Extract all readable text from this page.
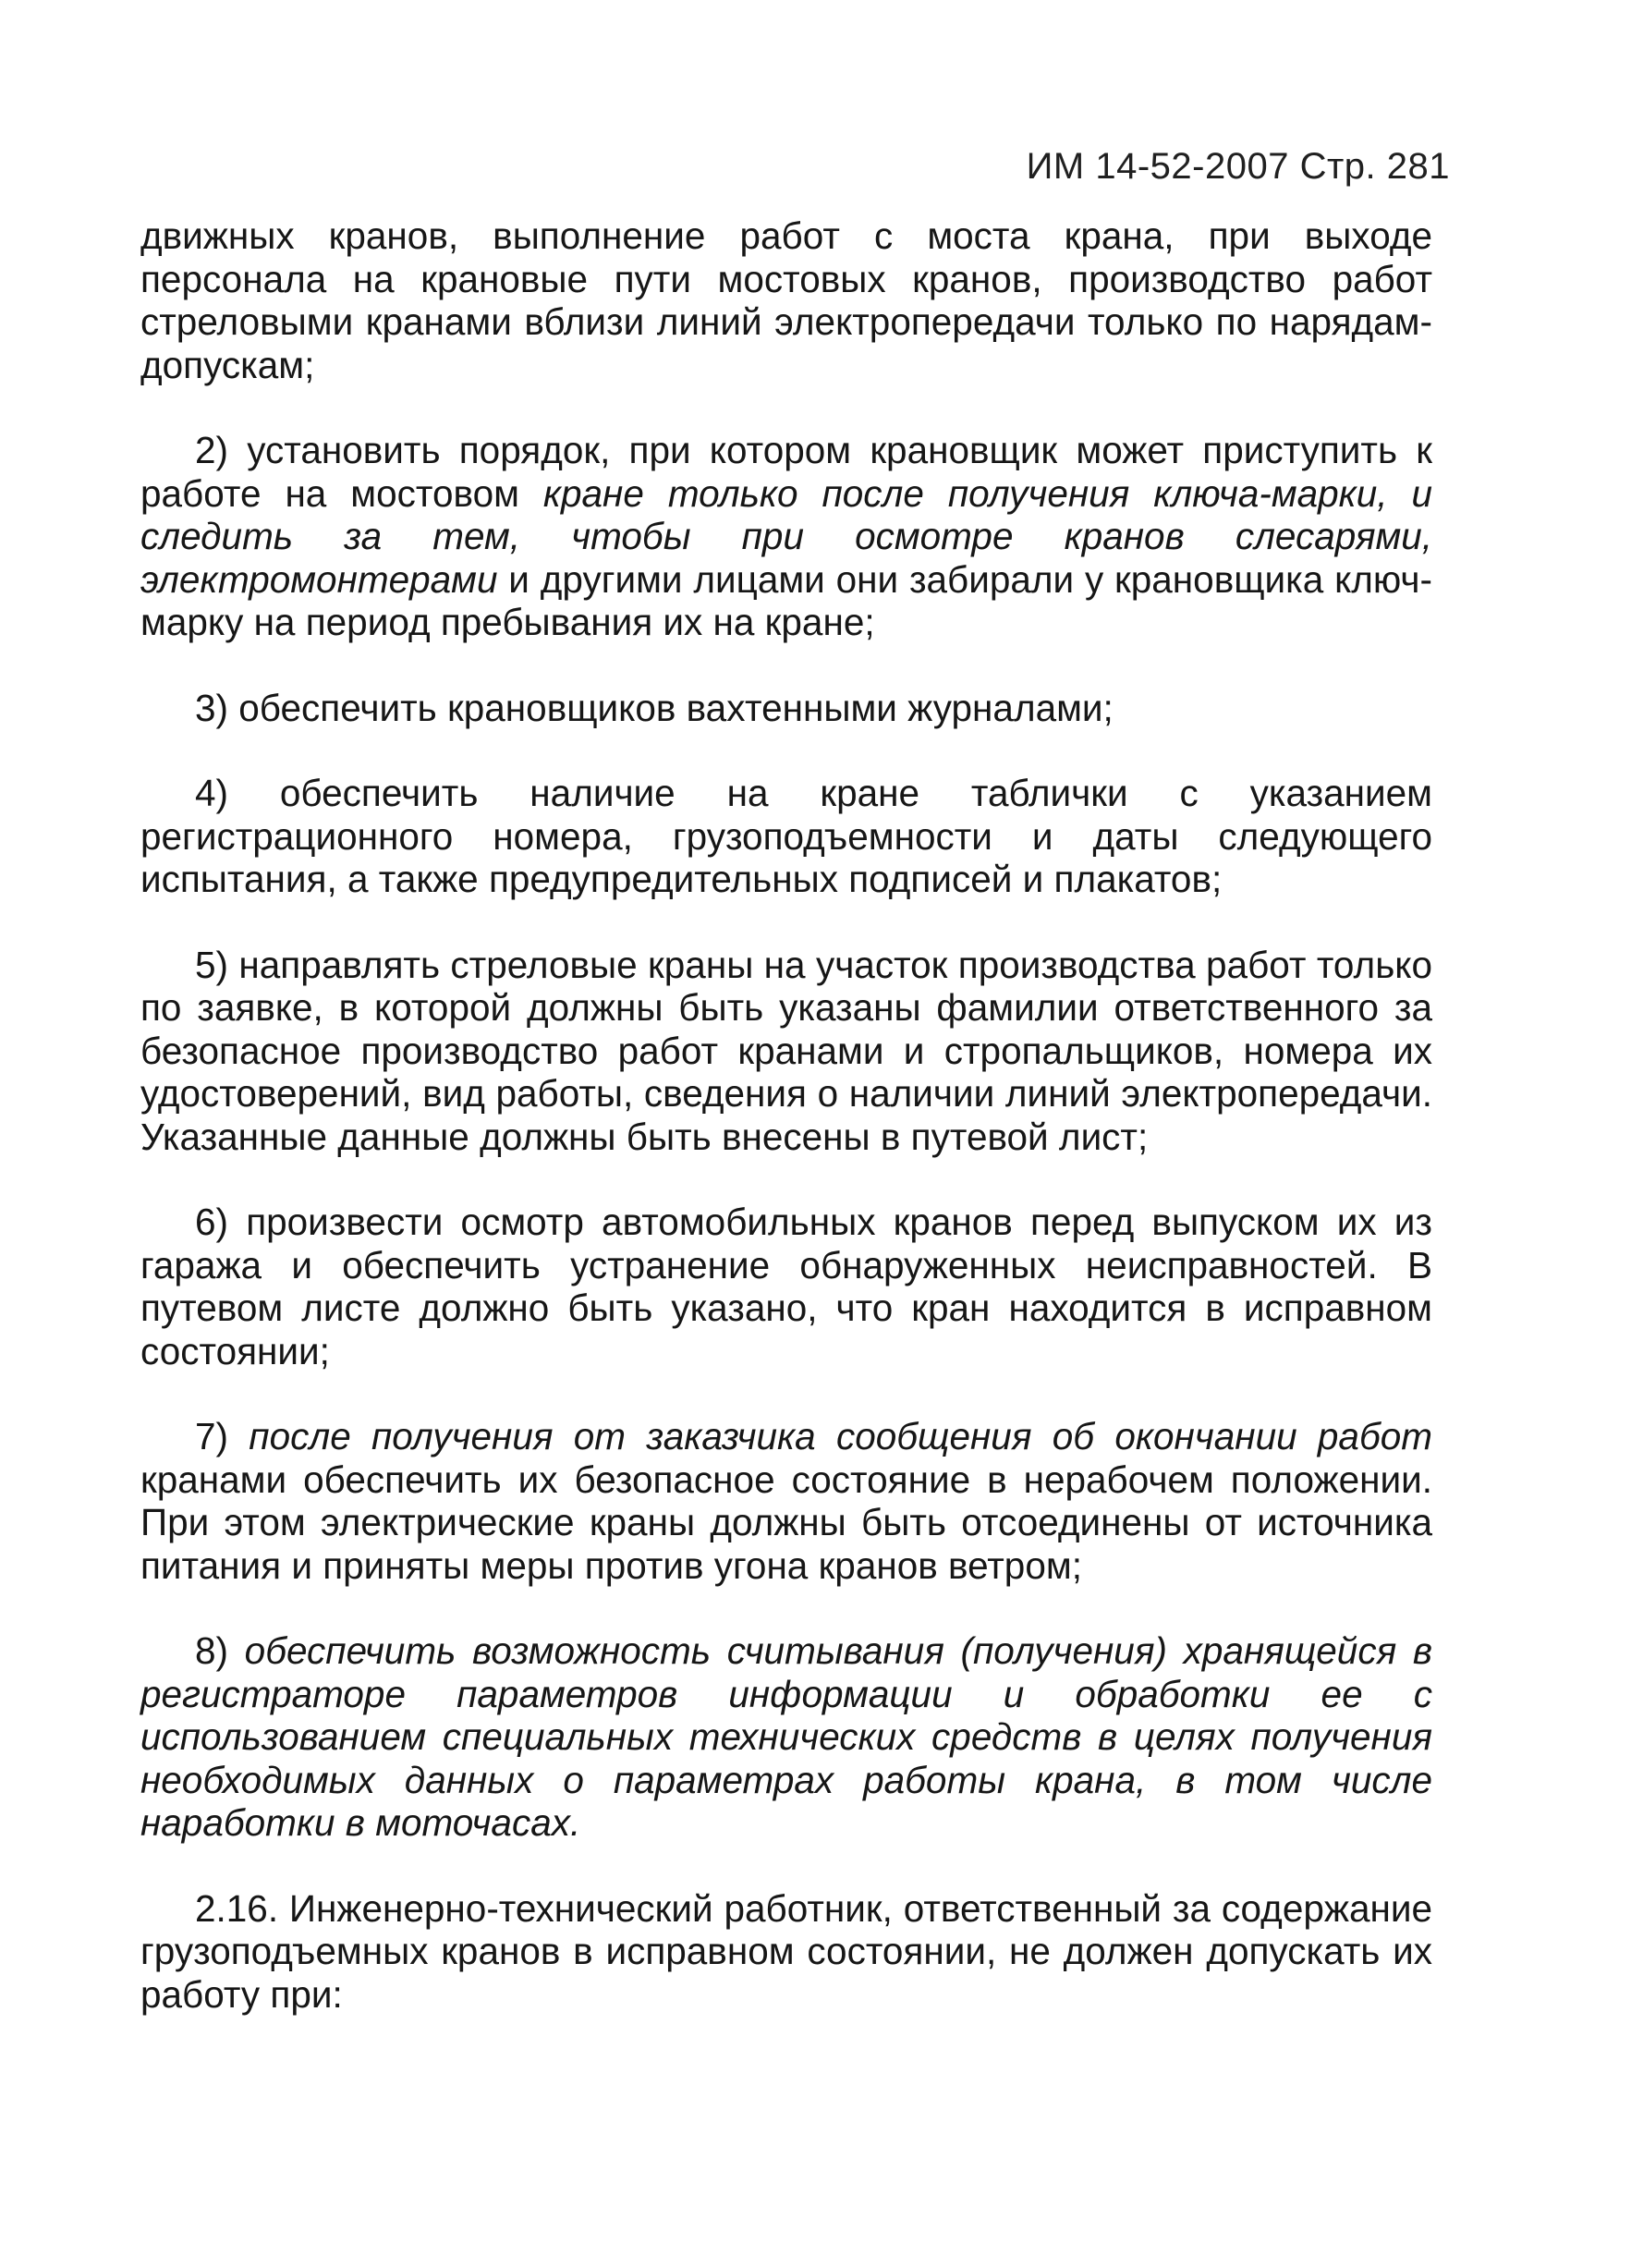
ИМ 14-52-2007 Стр. 281

движных кранов, выполнение работ с моста крана, при выходе персонала на крановые пути мостовых кранов, производство работ стреловыми кранами вблизи линий электропередачи только по нарядам-допускам;

2) установить порядок, при котором крановщик может приступить к работе на мостовом кране только после получения ключа-марки, и следить за тем, чтобы при осмотре кранов слесарями, электромонтерами и другими лицами они забирали у крановщика ключ-марку на период пребывания их на кране;

3) обеспечить крановщиков вахтенными журналами;

4) обеспечить наличие на кране таблички с указанием регистрационного номера, грузоподъемности и даты следующего испытания, а также предупредительных подписей и плакатов;

5) направлять стреловые краны на участок производства работ только по заявке, в которой должны быть указаны фамилии ответственного за безопасное производство работ кранами и стропальщиков, номера их удостоверений, вид работы, сведения о наличии линий электропередачи. Указанные данные должны быть внесены в путевой лист;

6) произвести осмотр автомобильных кранов перед выпуском их из гаража и обеспечить устранение обнаруженных неисправностей. В путевом листе должно быть указано, что кран находится в исправном состоянии;

7) после получения от заказчика сообщения об окончании работ кранами обеспечить их безопасное состояние в нерабочем положении. При этом электрические краны должны быть отсоединены от источника питания и приняты меры против угона кранов ветром;

8) обеспечить возможность считывания (получения) хранящейся в регистраторе параметров информации и обработки ее с использованием специальных технических средств в целях получения необходимых данных о параметрах работы крана, в том числе наработки в моточасах.

2.16. Инженерно-технический работник, ответственный за содержание грузоподъемных кранов в исправном состоянии, не должен допускать их работу при:
